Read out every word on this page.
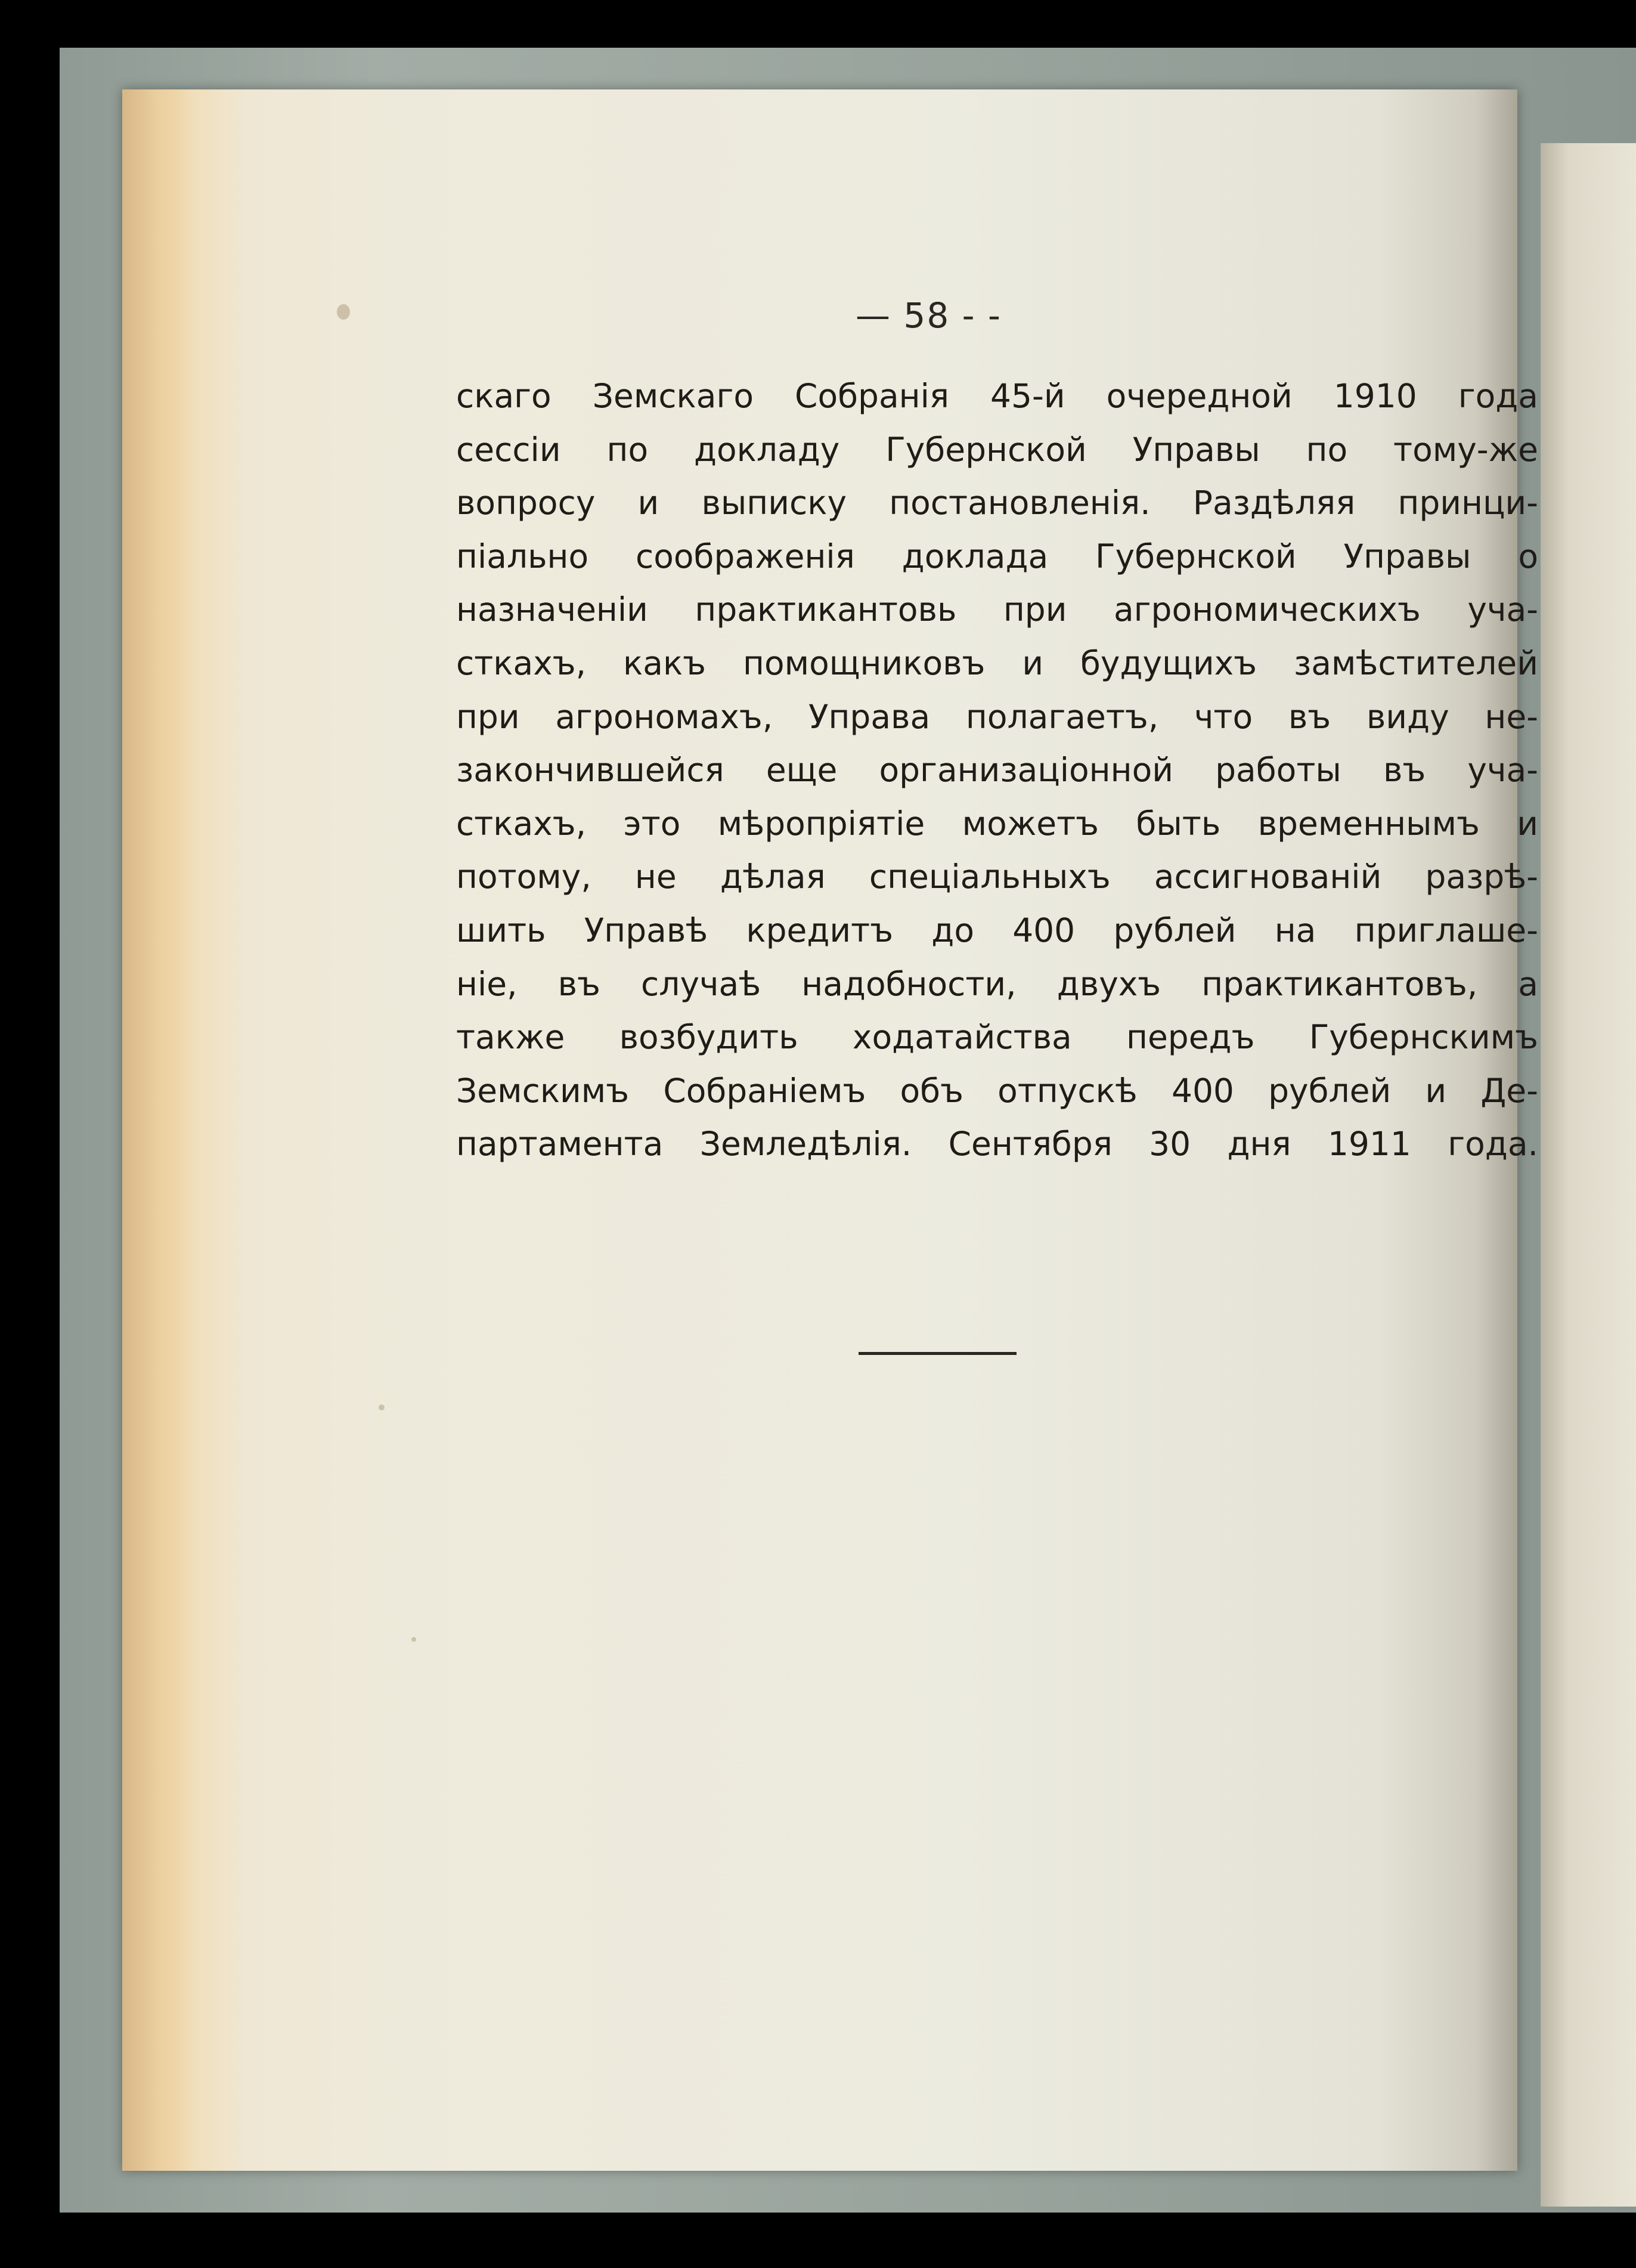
— 58 - -
скаго Земскаго Собранія 45-й очередной 1910 года
сессіи по докладу Губернской Управы по тому-же
вопросу и выписку постановленія. Раздѣляя принци-
піально соображенія доклада Губернской Управы о
назначеніи практикантовь при агрономическихъ уча-
сткахъ, какъ помощниковъ и будущихъ замѣстителей
при агрономахъ, Управа полагаетъ, что въ виду не-
закончившейся еще организаціонной работы въ уча-
сткахъ, это мѣропріятіе можетъ быть временнымъ и
потому, не дѣлая спеціальныхъ ассигнованій разрѣ-
шить Управѣ кредитъ до 400 рублей на приглаше-
ніе, въ случаѣ надобности, двухъ практикантовъ, а
также возбудить ходатайства передъ Губернскимъ
Земскимъ Собраніемъ объ отпускѣ 400 рублей и Де-
партамента Земледѣлія. Сентября 30 дня 1911 года.
